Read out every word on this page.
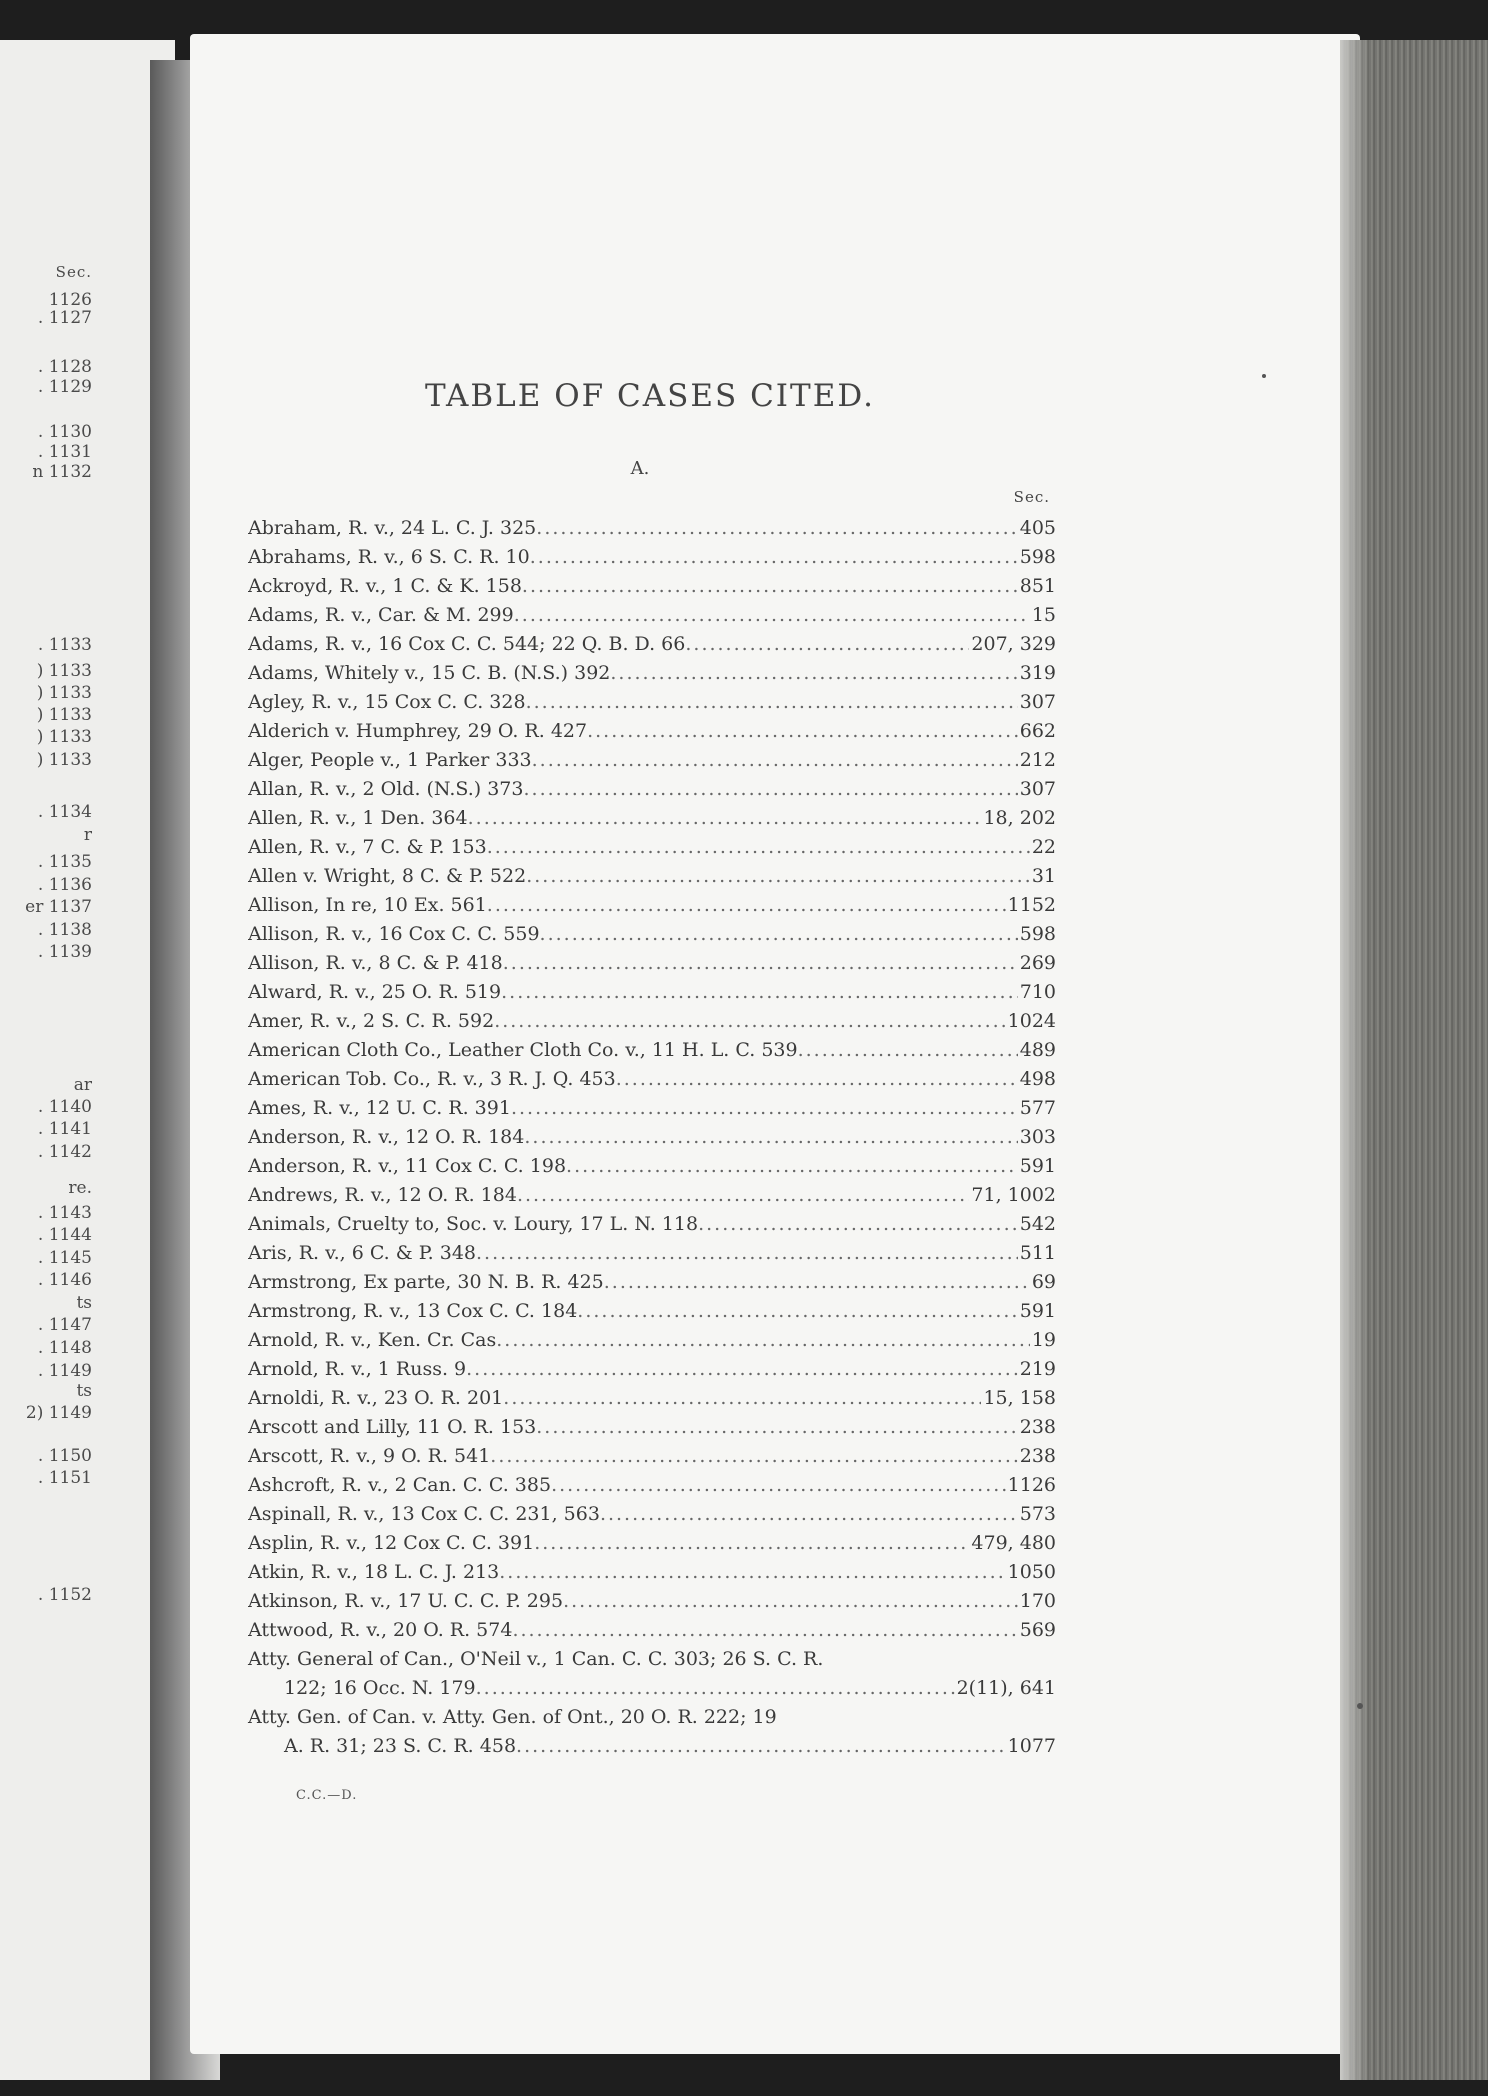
Sec.
1126
. 1127
. 1128
. 1129
. 1130
. 1131
n 1132
. 1133
) 1133
) 1133
) 1133
) 1133
) 1133
. 1134
r
. 1135
. 1136
er 1137
. 1138
. 1139
ar
. 1140
. 1141
. 1142
re.
. 1143
. 1144
. 1145
. 1146
ts
. 1147
. 1148
. 1149
ts
2) 1149
. 1150
. 1151
. 1152
TABLE OF CASES CITED.
A.
Sec.
Abraham, R. v., 24 L. C. J. 325 .....	405
Abrahams, R. v., 6 S. C. R. 10 .....	598
Ackroyd, R. v., 1 C. & K. 158 .....	851
Adams, R. v., Car. & M. 299 .....	15
Adams, R. v., 16 Cox C. C. 544; 22 Q. B. D. 66 .....	207, 329
Adams, Whitely v., 15 C. B. (N.S.) 392 .....	319
Agley, R. v., 15 Cox C. C. 328 .....	307
Alderich v. Humphrey, 29 O. R. 427 .....	662
Alger, People v., 1 Parker 333 .....	212
Allan, R. v., 2 Old. (N.S.) 373 .....	307
Allen, R. v., 1 Den. 364 .....	18, 202
Allen, R. v., 7 C. & P. 153 .....	22
Allen v. Wright, 8 C. & P. 522 .....	31
Allison, In re, 10 Ex. 561 .....	1152
Allison, R. v., 16 Cox C. C. 559 .....	598
Allison, R. v., 8 C. & P. 418 .....	269
Alward, R. v., 25 O. R. 519 .....	710
Amer, R. v., 2 S. C. R. 592 .....	1024
American Cloth Co., Leather Cloth Co. v., 11 H. L. C. 539 .....	489
American Tob. Co., R. v., 3 R. J. Q. 453 .....	498
Ames, R. v., 12 U. C. R. 391 .....	577
Anderson, R. v., 12 O. R. 184 .....	303
Anderson, R. v., 11 Cox C. C. 198 .....	591
Andrews, R. v., 12 O. R. 184 .....	71, 1002
Animals, Cruelty to, Soc. v. Loury, 17 L. N. 118 .....	542
Aris, R. v., 6 C. & P. 348 .....	511
Armstrong, Ex parte, 30 N. B. R. 425 .....	69
Armstrong, R. v., 13 Cox C. C. 184 .....	591
Arnold, R. v., Ken. Cr. Cas .....	19
Arnold, R. v., 1 Russ. 9 .....	219
Arnoldi, R. v., 23 O. R. 201 .....	15, 158
Arscott and Lilly, 11 O. R. 153 .....	238
Arscott, R. v., 9 O. R. 541 .....	238
Ashcroft, R. v., 2 Can. C. C. 385 .....	1126
Aspinall, R. v., 13 Cox C. C. 231, 563 .....	573
Asplin, R. v., 12 Cox C. C. 391 .....	479, 480
Atkin, R. v., 18 L. C. J. 213 .....	1050
Atkinson, R. v., 17 U. C. C. P. 295 .....	170
Attwood, R. v., 20 O. R. 574 .....	569
Atty. General of Can., O'Neil v., 1 Can. C. C. 303; 26 S. C. R.
122; 16 Occ. N. 179 .....	2(11), 641
Atty. Gen. of Can. v. Atty. Gen. of Ont., 20 O. R. 222; 19
A. R. 31; 23 S. C. R. 458 .....	1077
C.C.—D.
